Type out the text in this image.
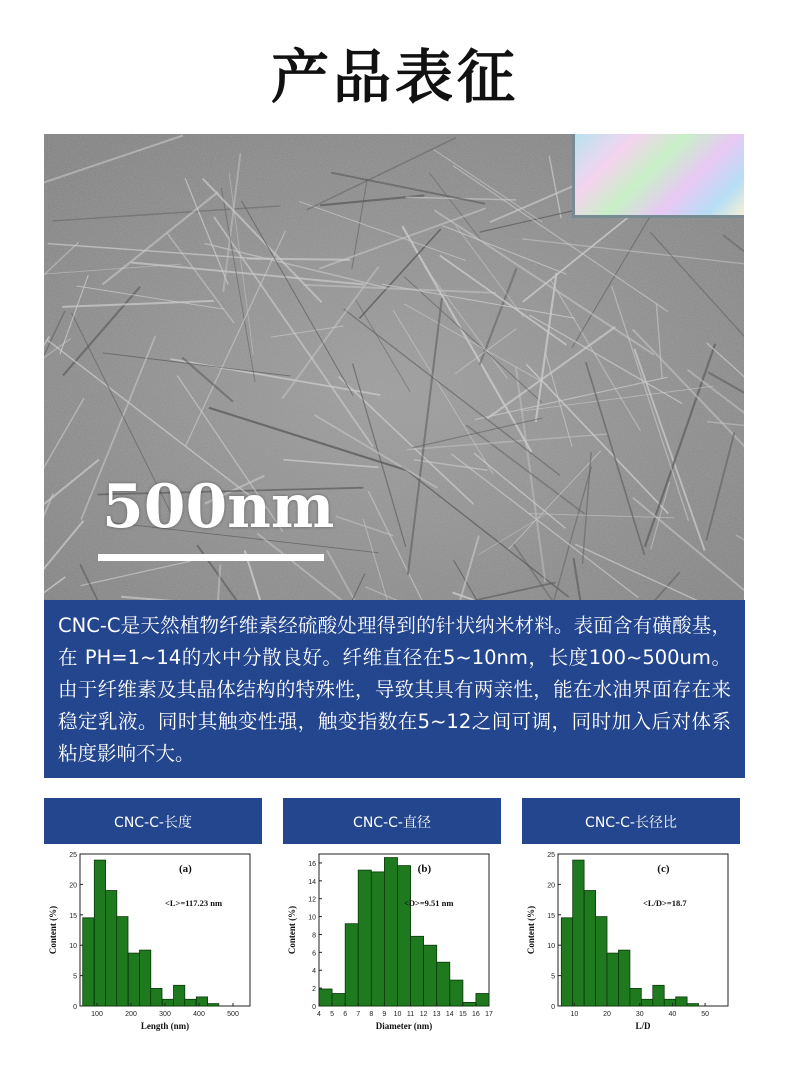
产品表征
500nm

CNC-C是天然植物纤维素经硫酸处理得到的针状纳米材料。表面含有磺酸基，在 PH=1~14的水中分散良好。纤维直径在5~10nm，长度100~500um。由于纤维素及其晶体结构的特殊性，导致其具有两亲性，能在水油界面存在来稳定乳液。同时其触变性强，触变指数在5~12之间可调，同时加入后对体系粘度影响不大。

CNC-C-长度
0
5
10
15
20
25
100	200	300	400	500
Length (nm)
Content (%)
(a)
<L>=117.23 nm
CNC-C-直径
0
2
4
6
8
10
12
14
16
4 5 6 7 8 9 10 11 12 13 14 15 16 17
Diameter (nm)
Content (%)
(b)
<D>=9.51 nm
CNC-C-长径比
0
5
10
15
20
25
10	20	30	40	50
L/D
Content (%)
(c)
<L/D>=18.7
